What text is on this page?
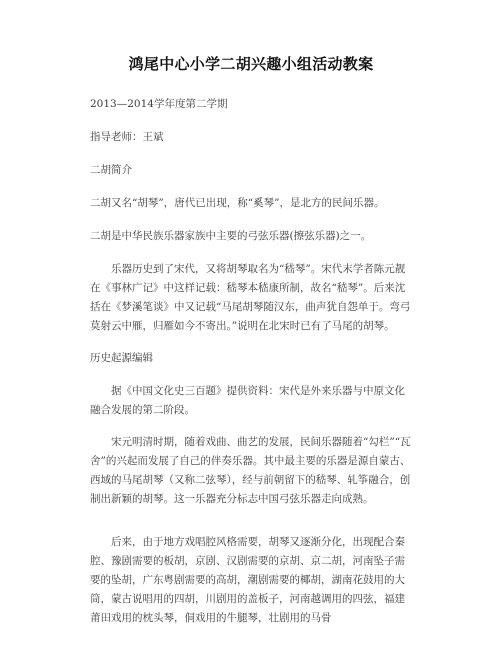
鸿尾中心小学二胡兴趣小组活动教案

2013—2014学年度第二学期

指导老师：王斌

二胡简介

二胡又名“胡琴”，唐代已出现，称“奚琴”，是北方的民间乐器。

二胡是中华民族乐器家族中主要的弓弦乐器(擦弦乐器)之一。

乐器历史到了宋代，又将胡琴取名为“嵇琴”。宋代末学者陈元靓在《事林广记》中这样记载：嵇琴本嵇康所制，故名“嵇琴”。后来沈括在《梦溪笔谈》中又记载“马尾胡琴随汉东，曲声犹自怨单于。弯弓莫射云中雁，归雁如今不寄出。”说明在北宋时已有了马尾的胡琴。

历史起源编辑

据《中国文化史三百题》提供资料：宋代是外来乐器与中原文化融合发展的第二阶段。

宋元明清时期，随着戏曲、曲艺的发展，民间乐器随着“勾栏”“瓦舍”的兴起而发展了自己的伴奏乐器。其中最主要的乐器是源自蒙古、西域的马尾胡琴（又称二弦琴），经与前朝留下的嵇琴、轧筝融合，创制出新颖的胡琴。这一乐器充分标志中国弓弦乐器走向成熟。

后来，由于地方戏唱腔风格需要，胡琴又逐渐分化，出现配合秦腔、豫剧需要的板胡，京剧、汉剧需要的京胡、京二胡，河南坠子需要的坠胡，广东粤剧需要的高胡，潮剧需要的椰胡，湖南花鼓用的大筒，蒙古说唱用的四胡，川剧用的盖板子，河南越调用的四弦，福建莆田戏用的枕头琴，侗戏用的牛腿琴，壮剧用的马骨
